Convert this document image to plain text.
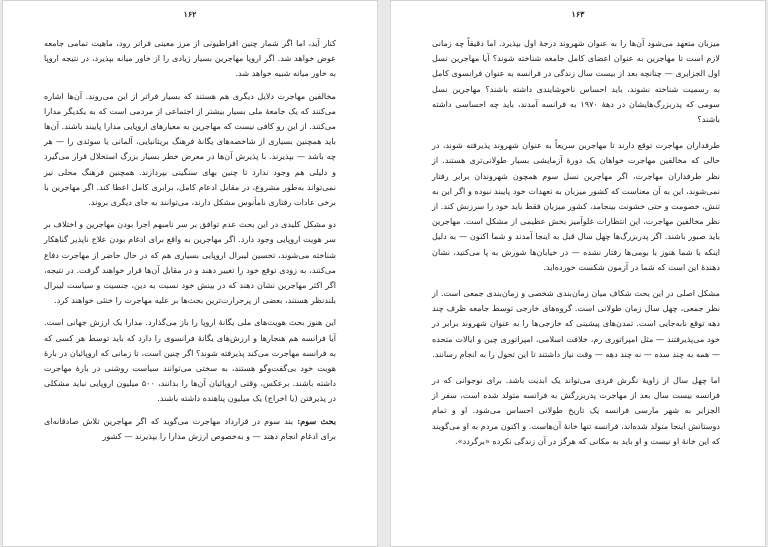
۱۶۲

کنار آید، اما اگر شمار چنین افراطیونی از مرز معینی فراتر رود، ماهیت تمامی جامعه عوض خواهد شد. اگر اروپا مهاجرین بسیار زیادی را از خاور میانه بپذیرد، در نتیجه اروپا به خاور میانه شبیه خواهد شد.

مخالفین مهاجرت دلایل دیگری هم هستند که بسیار فراتر از این می‌روند. آن‌ها اشاره می‌کنند که یک جامعهٔ ملی بسیار بیشتر از اجتماعی از مردمی است که به یکدیگر مدارا می‌کنند. از این رو کافی نیست که مهاجرین به معیارهای اروپایی مدارا پایبند باشند. آن‌ها باید همچنین بسیاری از شاخصه‌های یگانهٔ فرهنگ بریتانیایی، آلمانی یا سوئدی را — هر چه باشد — بپذیرند. با پذیرش آن‌ها در معرض خطر بسیار بزرگ استحلال قرار می‌گیرد و دلیلی هم وجود ندارد تا چنین بهای سنگینی بپردازند. همچنین فرهنگ محلی نیز نمی‌تواند به‌طور مشروع، در مقابل ادعام کامل، برابری کامل اعطا کند. اگر مهاجرین با برخی عادات رفتاری نامأنوس مشکل دارند، می‌توانند به جای دیگری بروند.

دو مشکل کلیدی در این بحث عدم توافق بر سر نامبهم اجرا بودن مهاجرین و اختلاف بر سر هویت اروپایی وجود دارد. اگر مهاجرین به واقع برای ادغام بودن علاج ناپذیر گناهکار شناخته می‌شوند، تحسین لیبرال اروپایی بسیاری هم که در حال حاضر از مهاجرت دفاع می‌کنند، به زودی توقع خود را تغییر دهند و در مقابل آن‌ها قرار خواهند گرفت. در نتیجه، اگر اکثر مهاجرین نشان دهند که در بینش خود نسبت به دین، جنسیت و سیاست لیبرال بلندنظر هستند، بعضی از پرحرارت‌ترین بحث‌ها بر علیه مهاجرت را خنثی خواهند کرد.

این هنوز بحث هویت‌های ملی یگانهٔ اروپا را باز می‌گذارد. مدارا یک ارزش جهانی است. آیا فرانسه هم هنجارها و ارزش‌های یگانهٔ فرانسوی را دارد که باید توسط هر کسی که به فرانسه مهاجرت می‌کند پذیرفته شوند؟ اگر چنین است، تا زمانی که اروپائیان در بارهٔ هویت خود بی‌گفت‌وگو هستند، به سختی می‌توانند سیاست روشنی در بارهٔ مهاجرت داشته باشند. برعکس، وقتی اروپائیان آن‌ها را بدانند، ۵۰۰ میلیون اروپایی نباید مشکلی در پذیرفتن (یا اخراج) یک میلیون پناهنده داشته باشند.

بحث سوم: بند سوم در قرارداد مهاجرت می‌گوید که اگر مهاجرین تلاش صادقانه‌ای برای ادغام انجام دهند — و به‌خصوص ارزش مدارا را بپذیرند — کشور

۱۶۳

میزبان متعهد می‌شود آن‌ها را به عنوان شهروند درجهٔ اول بپذیرد. اما دقیقاً چه زمانی لازم است تا مهاجرین به عنوان اعضای کامل جامعه شناخته شوند؟ آیا مهاجرین نسل اول الجزایری — چنانچه بعد از بیست سال زندگی در فرانسه به عنوان فرانسوی کامل به رسمیت شناخته نشوند، باید احساس ناخوشایندی داشته باشند؟ مهاجرین نسل سومی که پدربزرگ‌هایشان در دههٔ ۱۹۷۰ به فرانسه آمدند، باید چه احساسی داشته باشند؟

طرفداران مهاجرت توقع دارند تا مهاجرین سریعاً به عنوان شهروند پذیرفته شوند، در حالی که مخالفین مهاجرت خواهان یک دورهٔ آزمایشی بسیار طولانی‌تری هستند. از نظر طرفداران مهاجرت، اگر مهاجرین نسل سوم همچون شهروندان برابر رفتار نمی‌شوند، این به آن معناست که کشور میزبان به تعهدات خود پایبند نبوده و اگر این به تنش، خصومت و حتی خشونت بینجامد، کشور میزبان فقط باید خود را سرزنش کند. از نظر مخالفین مهاجرت، این انتظارات غلوآمیز بخش عظیمی از مشکل است. مهاجرین باید صبور باشند. اگر پدربزرگ‌ها چهل سال قبل به اینجا آمدند و شما اکنون — به دلیل اینکه با شما هنوز با بومی‌ها رفتار نشده — در خیابان‌ها شورش به پا می‌کنید، نشان دهندهٔ این است که شما در آزمون شکست خورده‌اید.

مشکل اصلی در این بحث شکاف میان زمان‌بندی شخصی و زمان‌بندی جمعی است. از نظر جمعی، چهل سال زمان طولانی است. گروه‌های خارجی توسط جامعه ظرف چند دهه توقع نابه‌جایی است. تمدن‌های پیشینی که خارجی‌ها را به عنوان شهروند برابر در خود می‌پذیرفتند — مثل امپراتوری رم، خلافت اسلامی، امپراتوری چین و ایالات متحده — همه به چند سده — نه چند دهه — وقت نیاز داشتند تا این تحول را به انجام رسانند.

اما چهل سال از زاویهٔ نگرش فردی می‌تواند یک ابدیت باشد. برای نوجوانی که در فرانسه بیست سال بعد از مهاجرت پدربزرگش به فرانسه متولد شده است، سفر از الجزایر به شهر مارسی فرانسه یک تاریخ طولانی احساس می‌شود. او و تمام دوستانش اینجا متولد شده‌اند، فرانسه تنها خانهٔ آن‌هاست. و اکنون مردم به او می‌گویند که این خانهٔ او نیست و او باید به مکانی که هرگز در آن زندگی نکرده «برگردد».
